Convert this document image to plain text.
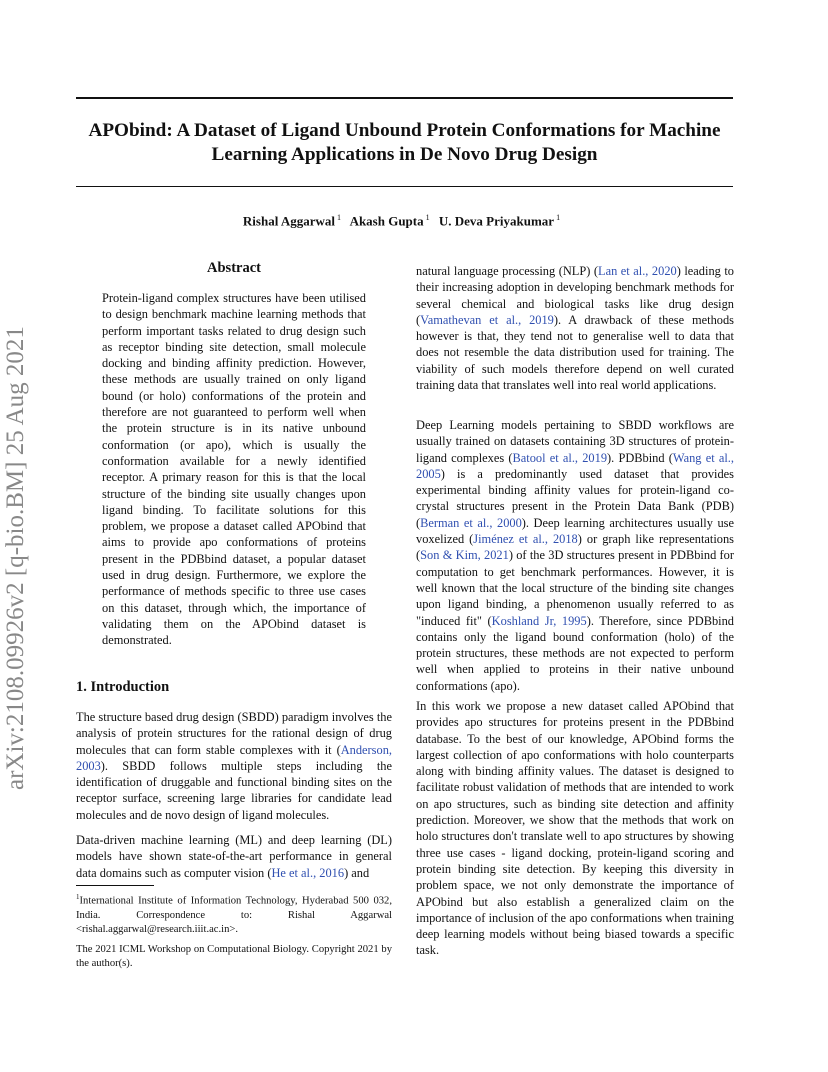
arXiv:2108.09926v2 [q-bio.BM] 25 Aug 2021
APObind: A Dataset of Ligand Unbound Protein Conformations for Machine Learning Applications in De Novo Drug Design
Rishal Aggarwal $^1$ Akash Gupta $^1$ U. Deva Priyakumar $^1$
Abstract

Protein-ligand complex structures have been utilised to design benchmark machine learning methods that perform important tasks related to drug design such as receptor binding site detection, small molecule docking and binding affinity prediction. However, these methods are usually trained on only ligand bound (or holo) conformations of the protein and therefore are not guaranteed to perform well when the protein structure is in its native unbound conformation (or apo), which is usually the conformation available for a newly identified receptor. A primary reason for this is that the local structure of the binding site usually changes upon ligand binding. To facilitate solutions for this problem, we propose a dataset called APObind that aims to provide apo conformations of proteins present in the PDBbind dataset, a popular dataset used in drug design. Furthermore, we explore the performance of methods specific to three use cases on this dataset, through which, the importance of validating them on the APObind dataset is demonstrated.

1. Introduction

The structure based drug design (SBDD) paradigm involves the analysis of protein structures for the rational design of drug molecules that can form stable complexes with it (Anderson, 2003). SBDD follows multiple steps including the identification of druggable and functional binding sites on the receptor surface, screening large libraries for candidate lead molecules and de novo design of ligand molecules.

Data-driven machine learning (ML) and deep learning (DL) models have shown state-of-the-art performance in general data domains such as computer vision (He et al., 2016) and

$^1$International Institute of Information Technology, Hyderabad 500 032, India. Correspondence to: Rishal Aggarwal <rishal.aggarwal@research.iiit.ac.in>.

The 2021 ICML Workshop on Computational Biology. Copyright 2021 by the author(s).

natural language processing (NLP) (Lan et al., 2020) leading to their increasing adoption in developing benchmark methods for several chemical and biological tasks like drug design (Vamathevan et al., 2019). A drawback of these methods however is that, they tend not to generalise well to data that does not resemble the data distribution used for training. The viability of such models therefore depend on well curated training data that translates well into real world applications.

Deep Learning models pertaining to SBDD workflows are usually trained on datasets containing 3D structures of protein-ligand complexes (Batool et al., 2019). PDBbind (Wang et al., 2005) is a predominantly used dataset that provides experimental binding affinity values for protein-ligand co-crystal structures present in the Protein Data Bank (PDB) (Berman et al., 2000). Deep learning architectures usually use voxelized (Jiménez et al., 2018) or graph like representations (Son & Kim, 2021) of the 3D structures present in PDBbind for computation to get benchmark performances. However, it is well known that the local structure of the binding site changes upon ligand binding, a phenomenon usually referred to as "induced fit" (Koshland Jr, 1995). Therefore, since PDBbind contains only the ligand bound conformation (holo) of the protein structures, these methods are not expected to perform well when applied to proteins in their native unbound conformations (apo).

In this work we propose a new dataset called APObind that provides apo structures for proteins present in the PDBbind database. To the best of our knowledge, APObind forms the largest collection of apo conformations with holo counterparts along with binding affinity values. The dataset is designed to facilitate robust validation of methods that are intended to work on apo structures, such as binding site detection and affinity prediction. Moreover, we show that the methods that work on holo structures don't translate well to apo structures by showing three use cases - ligand docking, protein-ligand scoring and protein binding site detection. By keeping this diversity in problem space, we not only demonstrate the importance of APObind but also establish a generalized claim on the importance of inclusion of the apo conformations when training deep learning models without being biased towards a specific task.
